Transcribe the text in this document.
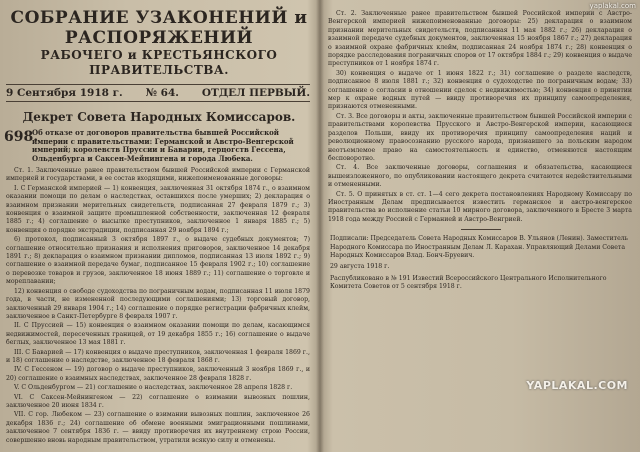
СОБРАНИЕ УЗАКОНЕНИЙ и РАСПОРЯЖЕНИЙ
РАБОЧЕГО и КРЕСТЬЯНСКОГО ПРАВИТЕЛЬСТВА.
9 Сентября 1918 г. № 64. ОТДЕЛ ПЕРВЫЙ.
Декрет Совета Народных Комиссаров.
698.
Об отказе от договоров правительства бывшей Российской империи с правительствами: Германской и Австро-Венгерской империй; королевств Пруссии и Баварии, герцогств Гессена, Ольденбурга и Саксен-Мейнингена и города Любека.

Ст. 1. Заключенные ранее правительством бывшей Российской империи с Германской империей и государствами, в ее состав входящими, нижепоименованные договоры:

I. С Германской империей — 1) конвенция, заключенная 31 октября 1874 г., о взаимном оказании помощи по делам о наследствах, оставшихся после умерших; 2) декларация о взаимном признании мерительных свидетельств, подписанная 27 февраля 1879 г.; 3) конвенция о взаимной защите промышленной собственности, заключенная 12 февраля 1885 г.; 4) соглашение о высылке преступников, заключенное 1 января 1885 г.; 5) конвенция о порядке экстрадиции, подписанная 29 ноября 1894 г.;

6) протокол, подписанный 3 октября 1897 г., о выдаче судебных документов; 7) соглашение относительно признания и исполнения приговоров, заключенное 14 декабря 1891 г.; 8) декларация о взаимном признании дипломов, подписанная 13 июля 1892 г.; 9) соглашение о взаимной передаче бумаг, подписанное 15 февраля 1902 г.; 10) соглашение о перевозке товаров и грузов, заключенное 18 июня 1889 г.; 11) соглашение о торговле и мореплавании;

12) конвенция о свободе судоходства по пограничным водам, подписанная 11 июля 1879 года, в части, не измененной последующими соглашениями; 13) торговый договор, заключенный 29 января 1904 г.; 14) соглашение о порядке регистрации фабричных клейм, заключенное в Санкт-Петербурге 8 февраля 1907 г.

II. С Пруссией — 15) конвенция о взаимном оказании помощи по делам, касающимся недвижимостей, пересеченных границей, от 19 декабря 1855 г.; 16) соглашение о выдаче беглых, заключенное 13 мая 1881 г.

III. С Баварией — 17) конвенция о выдаче преступников, заключенная 1 февраля 1869 г., и 18) соглашение о наследстве, заключенное 18 февраля 1868 г.

IV. С Гессеном — 19) договор о выдаче преступников, заключенный 3 ноября 1869 г., и 20) соглашение о взаимных наследствах, заключенное 28 февраля 1828 г.

V. С Ольденбургом — 21) соглашение о наследствах, заключенное 28 апреля 1828 г.

VI. С Саксен-Мейнингеном — 22) соглашение о взимании вывозных пошлин, заключенное 20 июня 1834 г.

VII. С гор. Любеком — 23) соглашение о взимании вывозных пошлин, заключенное 26 декабря 1836 г.; 24) соглашение об обмене военными эмиграционными пошлинами, заключенное 7 сентября 1836 г. — ввиду противоречия их внутреннему строю России, совершенно вновь народным правительством, утратили всякую силу и отменены.

Ст. 2. Заключенные ранее правительством бывшей Российской империи с Австро-Венгерской империей нижепоименованные договоры: 25) декларация о взаимном признании мерительных свидетельств, подписанная 11 мая 1882 г.; 26) декларация о взаимной передаче судебных документов, заключенная 15 ноября 1867 г.; 27) декларация о взаимной охране фабричных клейм, подписанная 24 ноября 1874 г.; 28) конвенция о порядке расследования пограничных споров от 17 октября 1884 г.; 29) конвенция о выдаче преступников от 1 ноября 1874 г.

30) конвенция о выдаче от 1 июня 1822 г.; 31) соглашение о разделе наследств, подписанное 8 июля 1881 г.; 32) конвенция о судоходстве по пограничным водам; 33) соглашение о согласии в отношении сделок с недвижимостью; 34) конвенция о принятии мер к охране водных путей — ввиду противоречия их принципу самоопределения, признаются отмененными.

Ст. 3. Все договоры и акты, заключенные правительством бывшей Российской империи с правительствами королевства Прусского и Австро-Венгерской империи, касающиеся разделов Польши, ввиду их противоречия принципу самоопределения наций и революционному правосознанию русского народа, признавшего за польским народом неотъемлемое право на самостоятельность и единство, отменяются настоящим бесповоротно.

Ст. 4. Все заключенные договоры, соглашения и обязательства, касающиеся вышеизложенного, по опубликовании настоящего декрета считаются недействительными и отмененными.

Ст. 5. О принятых в ст. ст. 1—4 сего декрета постановлениях Народному Комиссару по Иностранным Делам предписывается известить германское и австро-венгерское правительства во исполнение статьи 10 мирного договора, заключенного в Бресте 3 марта 1918 года между Россией с Германией и Австро-Венгрией.

Подписали: Председатель Совета Народных Комиссаров В. Ульянов (Ленин). Заместитель Народного Комиссара по Иностранным Делам Л. Карахан. Управляющий Делами Совета Народных Комиссаров Влад. Бонч-Бруевич.
29 августа 1918 г.
Распубликовано в № 191 Известий Всероссийского Центрального Исполнительного Комитета Советов от 5 сентября 1918 г.
yaplakal.com
YAPLAKAL.COM
